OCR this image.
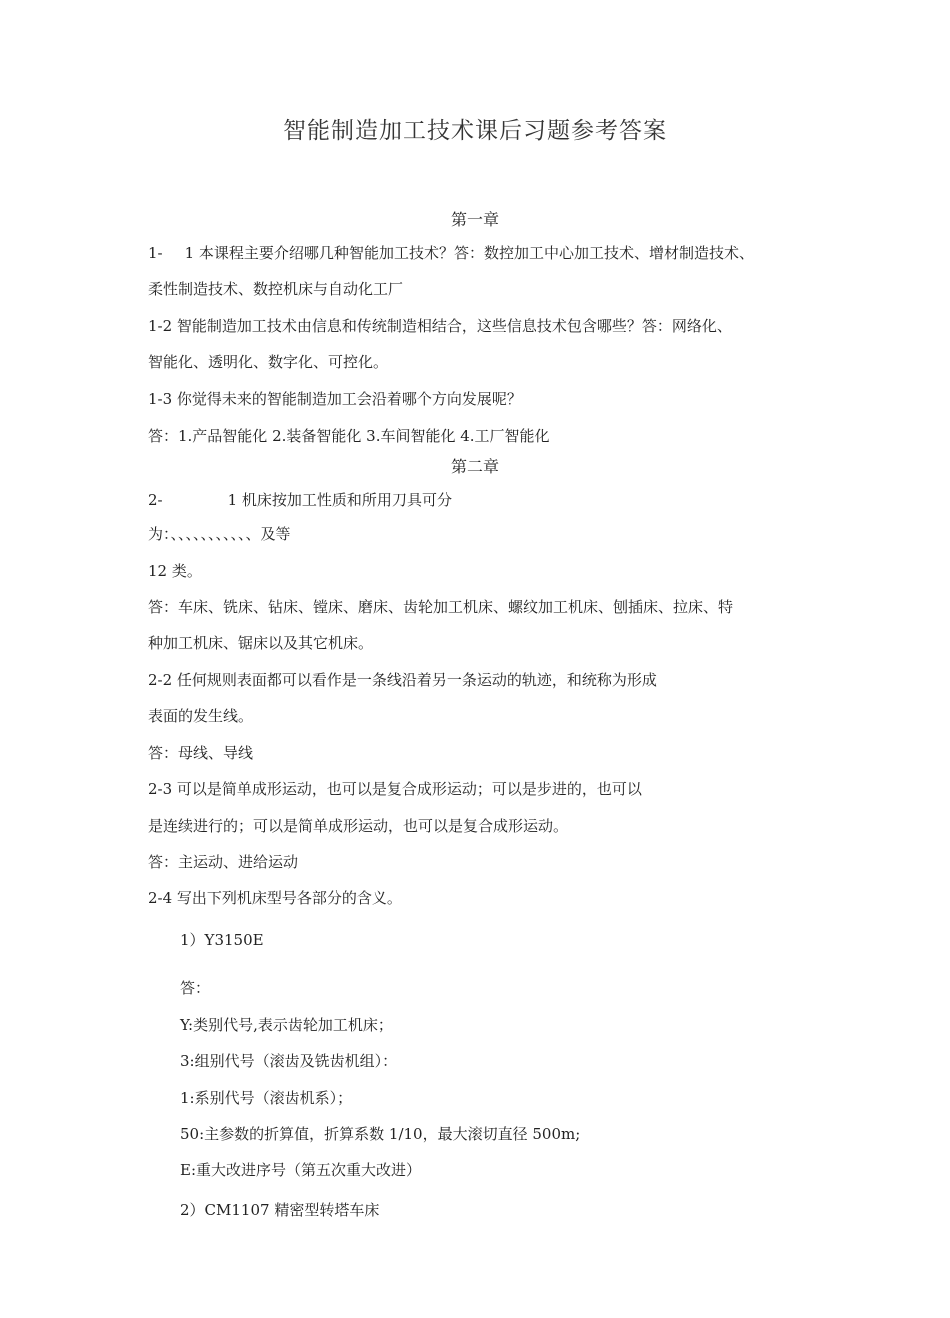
智能制造加工技术课后习题参考答案
第一章
1- 1 本课程主要介绍哪几种智能加工技术？答：数控加工中心加工技术、增材制造技术、
柔性制造技术、数控机床与自动化工厂
1-2 智能制造加工技术由信息和传统制造相结合，这些信息技术包含哪些？答：网络化、
智能化、透明化、数字化、可控化。
1-3 你觉得未来的智能制造加工会沿着哪个方向发展呢？
答：1.产品智能化 2.装备智能化 3.车间智能化 4.工厂智能化
第二章
2-	1 机床按加工性质和所用刀具可分
为：、、、、、、、、、、、及等
12 类。
答：车床、铣床、钻床、镗床、磨床、齿轮加工机床、螺纹加工机床、刨插床、拉床、特
种加工机床、锯床以及其它机床。
2-2 任何规则表面都可以看作是一条线沿着另一条运动的轨迹，和统称为形成
表面的发生线。
答：母线、导线
2-3 可以是简单成形运动，也可以是复合成形运动；可以是步进的，也可以
是连续进行的；可以是简单成形运动，也可以是复合成形运动。
答：主运动、进给运动
2-4 写出下列机床型号各部分的含义。
1）Y3150E
答：
Y:类别代号,表示齿轮加工机床；
3:组别代号（滚齿及铣齿机组）：
1:系别代号（滚齿机系）；
50:主参数的折算值，折算系数 1/10，最大滚切直径 500m;
E:重大改进序号（第五次重大改进）
2）CM1107 精密型转塔车床
